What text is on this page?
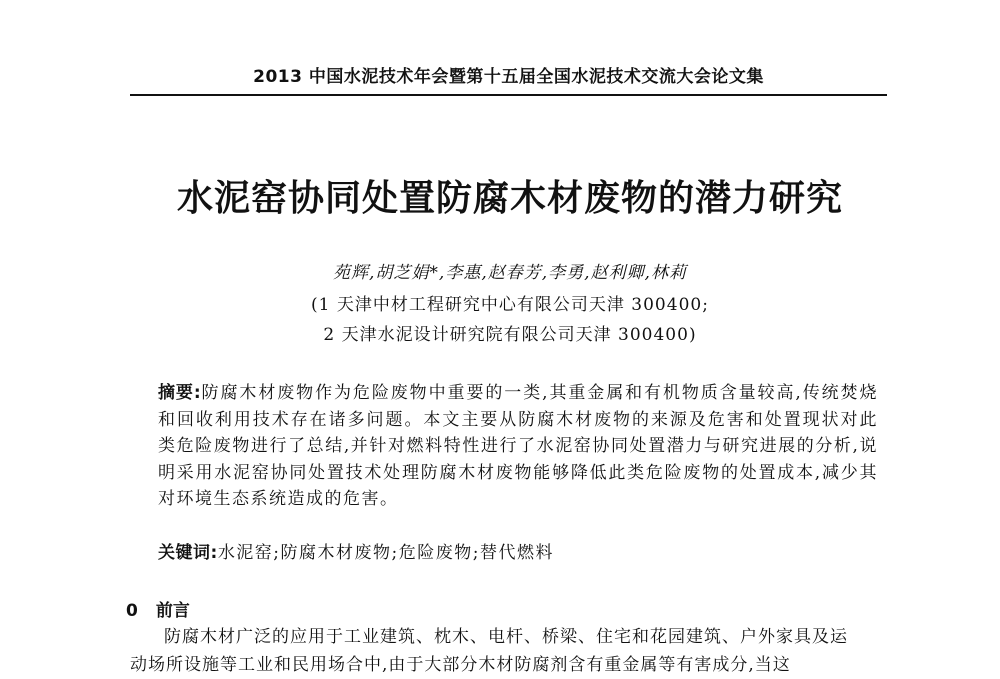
2013 中国水泥技术年会暨第十五届全国水泥技术交流大会论文集
水泥窑协同处置防腐木材废物的潜力研究
苑辉,胡芝娟*,李惠,赵春芳,李勇,赵利卿,林莉
(1 天津中材工程研究中心有限公司天津 300400;
2 天津水泥设计研究院有限公司天津 300400)

摘要:防腐木材废物作为危险废物中重要的一类,其重金属和有机物质含量较高,传统焚烧和回收利用技术存在诸多问题。本文主要从防腐木材废物的来源及危害和处置现状对此类危险废物进行了总结,并针对燃料特性进行了水泥窑协同处置潜力与研究进展的分析,说明采用水泥窑协同处置技术处理防腐木材废物能够降低此类危险废物的处置成本,减少其对环境生态系统造成的危害。

关键词:水泥窑;防腐木材废物;危险废物;替代燃料

0 前言

防腐木材广泛的应用于工业建筑、枕木、电杆、桥梁、住宅和花园建筑、户外家具及运
动场所设施等工业和民用场合中,由于大部分木材防腐剂含有重金属等有害成分,当这
